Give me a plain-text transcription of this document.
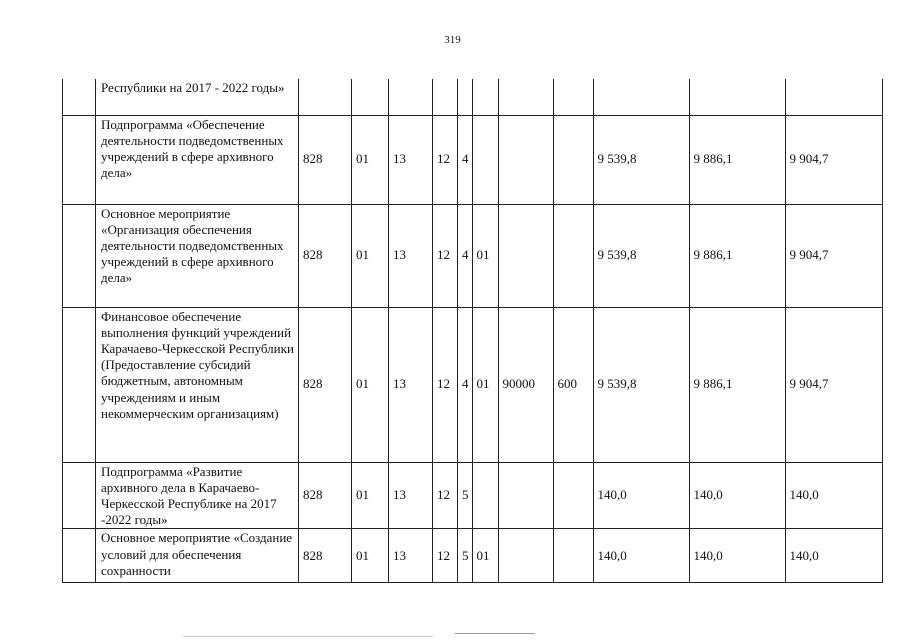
319
	Республики на 2017 - 2022 годы»											
	Подпрограмма «Обеспечение деятельности подведомственных учреждений в сфере архивного дела»	828	01	13	12	4				9 539,8	9 886,1	9 904,7
	Основное мероприятие «Организация обеспечения деятельности подведомственных учреждений в сфере архивного дела»	828	01	13	12	4	01			9 539,8	9 886,1	9 904,7
	Финансовое обеспечение выполнения функций учреждений Карачаево-Черкесской Республики (Предоставление субсидий бюджетным, автономным учреждениям и иным некоммерческим организациям)	828	01	13	12	4	01	90000	600	9 539,8	9 886,1	9 904,7
	Подпрограмма «Развитие архивного дела в Карачаево-Черкесской Республике на 2017 -2022 годы»	828	01	13	12	5				140,0	140,0	140,0
	Основное мероприятие «Создание условий для обеспечения сохранности	828	01	13	12	5	01			140,0	140,0	140,0
